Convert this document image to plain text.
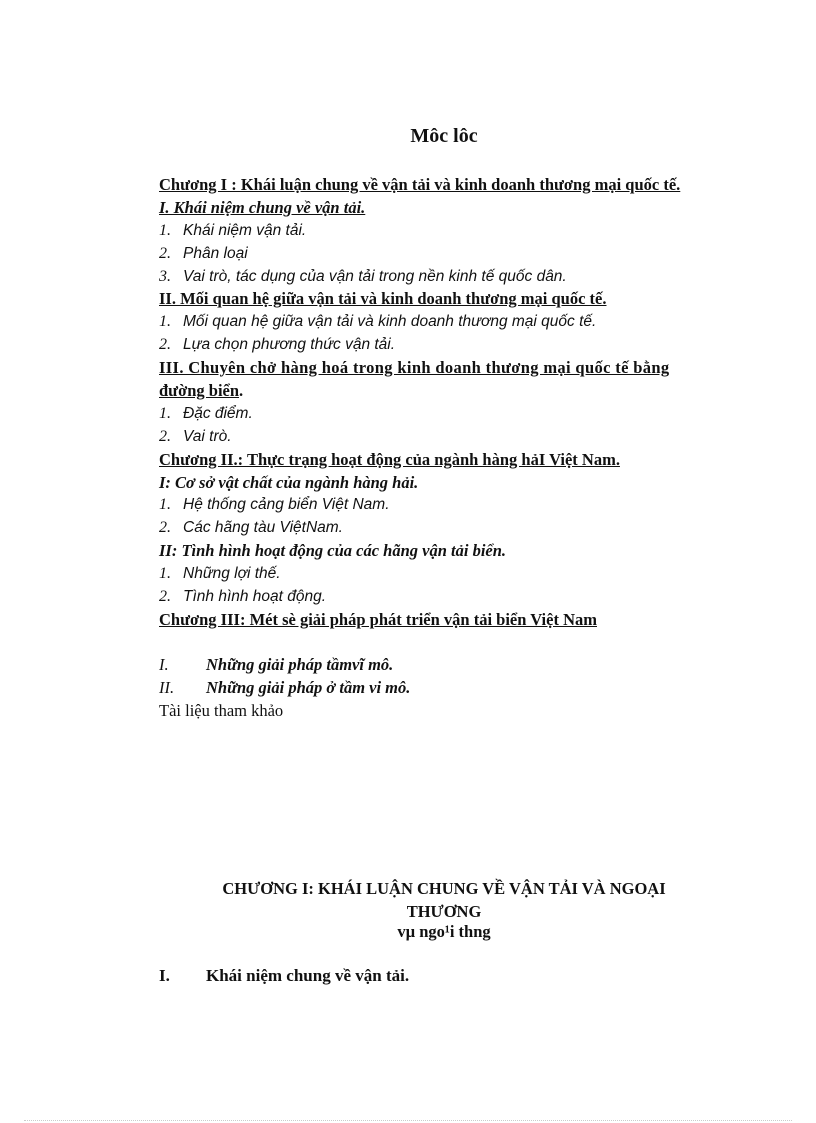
Môc lôc
Chương I : Khái luận chung về vận tải và kinh doanh thương mại quốc tế.
I. Khái niệm chung về vận tải.
1. Khái niệm vận tải.
2. Phân loại
3. Vai trò, tác dụng của vận tải trong nền kinh tế quốc dân.
II. Mối quan hệ giữa vận tải và kinh doanh thương mại quốc tế.
1. Mối quan hệ giữa vận tải và kinh doanh thương mại quốc tế.
2. Lựa chọn phương thức vận tải.
III. Chuyên chở hàng hoá trong kinh doanh thương mại quốc tế bằng
đường biển.
1. Đặc điểm.
2. Vai trò.
Chương II.: Thực trạng hoạt động của ngành hàng hảI Việt Nam.
I: Cơ sở vật chất của ngành hàng hải.
1. Hệ thống cảng biển Việt Nam.
2. Các hãng tàu ViệtNam.
II: Tình hình hoạt động của các hãng vận tải biển.
1. Những lợi thế.
2. Tình hình hoạt động.
Chương III: Mét sè giải pháp phát triển vận tải biển Việt Nam
I. Những giải pháp tầmvĩ mô.
II. Những giải pháp ở tầm vi mô.
Tài liệu tham khảo
CHƯƠNG I: KHÁI LUẬN CHUNG VỀ VẬN TẢI VÀ NGOẠI
THƯƠNG
vµ ngo¹i thng
I. Khái niệm chung về vận tải.
